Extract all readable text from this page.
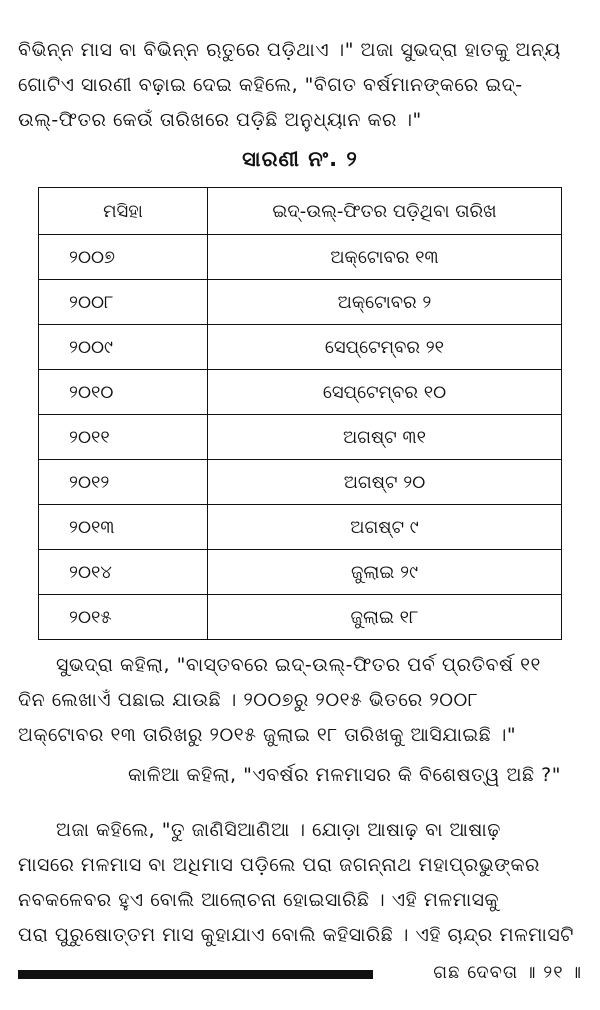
ବିଭିନ୍ନ ମାସ ବା ବିଭିନ୍ନ ଋତୁରେ ପଡ଼ିଥାଏ ।" ଅଜା ସୁଭଦ୍ରା ହାତକୁ ଅନ୍ୟ
ଗୋଟିଏ ସାରଣୀ ବଢ଼ାଇ ଦେଇ କହିଲେ, "ବିଗତ ବର୍ଷମାନଙ୍କରେ ଇଦ୍-
ଉଲ୍-ଫିତର କେଉଁ ତାରିଖରେ ପଡ଼ିଛି ଅନୁଧ୍ୟାନ କର ।"
ସାରଣୀ ନଂ. ୨
ମସିହା	ଇଦ୍-ଉଲ୍-ଫିତର ପଡ଼ିଥିବା ତାରିଖ
୨୦୦୭	ଅକ୍ଟୋବର ୧୩
୨୦୦୮	ଅକ୍ଟୋବର ୨
୨୦୦୯	ସେପ୍ଟେମ୍ବର ୨୧
୨୦୧୦	ସେପ୍ଟେମ୍ବର ୧୦
୨୦୧୧	ଅଗଷ୍ଟ ୩୧
୨୦୧୨	ଅଗଷ୍ଟ ୨୦
୨୦୧୩	ଅଗଷ୍ଟ ୯
୨୦୧୪	ଜୁଲାଇ ୨୯
୨୦୧୫	ଜୁଲାଇ ୧୮
ସୁଭଦ୍ରା କହିଲା, "ବାସ୍ତବରେ ଇଦ୍-ଉଲ୍-ଫିତର ପର୍ବ ପ୍ରତିବର୍ଷ ୧୧
ଦିନ ଲେଖାଏଁ ପଛାଇ ଯାଉଛି । ୨୦୦୭ରୁ ୨୦୧୫ ଭିତରେ ୨୦୦୮
ଅକ୍ଟୋବର ୧୩ ତାରିଖରୁ ୨୦୧୫ ଜୁଲାଇ ୧୮ ତାରିଖକୁ ଆସିଯାଇଛି ।"
କାଳିଆ କହିଲା, "ଏବର୍ଷର ମଳମାସର କି ବିଶେଷତ୍ୱ ଅଛି ?"
ଅଜା କହିଲେ, "ତୁ ଜାଣିସିଆଣିଆ । ଯୋଡ଼ା ଆଷାଢ଼ ବା ଆଷାଢ଼
ମାସରେ ମଳମାସ ବା ଅଧିମାସ ପଡ଼ିଲେ ପରା ଜଗନ୍ନାଥ ମହାପ୍ରଭୁଙ୍କର
ନବକଳେବର ହୁଏ ବୋଲି ଆଲୋଚନା ହୋଇସାରିଛି । ଏହି ମଳମାସକୁ
ପରା ପୁରୁଷୋତ୍ତମ ମାସ କୁହାଯାଏ ବୋଲି କହିସାରିଛି । ଏହି ଚାନ୍ଦ୍ର ମଳମାସଟି
ଗଛ ଦେବତା ॥ ୨୧ ॥
